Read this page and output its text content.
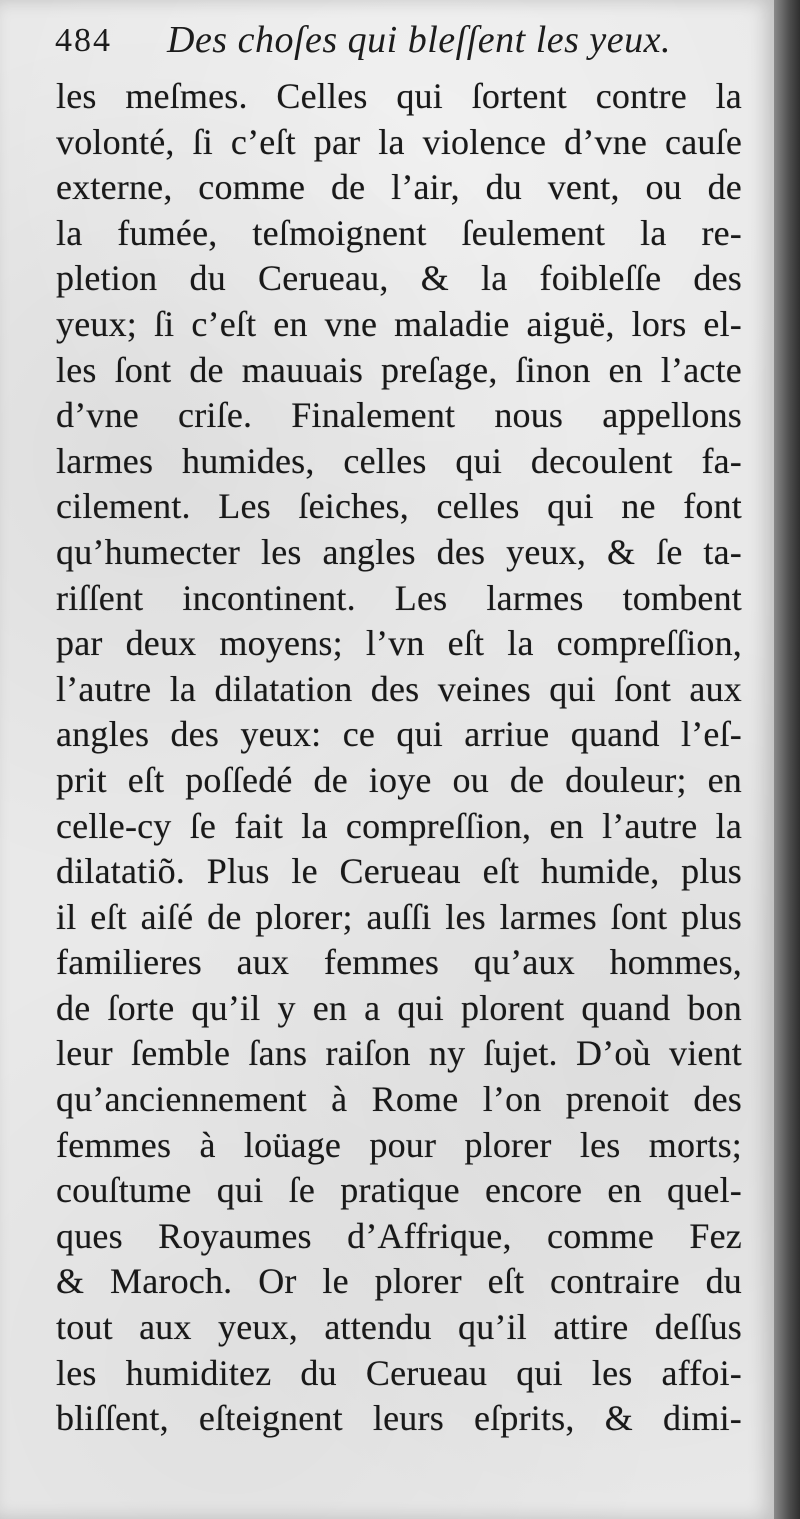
484 Des choſes qui bleſſent les yeux.
les meſmes. Celles qui ſortent contre la
volonté, ſi c’eſt par la violence d’vne cauſe
externe, comme de l’air, du vent, ou de
la fumée, teſmoignent ſeulement la re-
pletion du Cerueau, & la foibleſſe des
yeux; ſi c’eſt en vne maladie aiguë, lors el-
les ſont de mauuais preſage, ſinon en l’acte
d’vne criſe. Finalement nous appellons
larmes humides, celles qui decoulent fa-
cilement. Les ſeiches, celles qui ne font
qu’humecter les angles des yeux, & ſe ta-
riſſent incontinent. Les larmes tombent
par deux moyens; l’vn eſt la compreſſion,
l’autre la dilatation des veines qui ſont aux
angles des yeux: ce qui arriue quand l’eſ-
prit eſt poſſedé de ioye ou de douleur; en
celle-cy ſe fait la compreſſion, en l’autre la
dilatatiõ. Plus le Cerueau eſt humide, plus
il eſt aiſé de plorer; auſſi les larmes ſont plus
familieres aux femmes qu’aux hommes,
de ſorte qu’il y en a qui plorent quand bon
leur ſemble ſans raiſon ny ſujet. D’où vient
qu’anciennement à Rome l’on prenoit des
femmes à loüage pour plorer les morts;
couſtume qui ſe pratique encore en quel-
ques Royaumes d’Affrique, comme Fez
& Maroch. Or le plorer eſt contraire du
tout aux yeux, attendu qu’il attire deſſus
les humiditez du Cerueau qui les affoi-
bliſſent, eſteignent leurs eſprits, & dimi-
